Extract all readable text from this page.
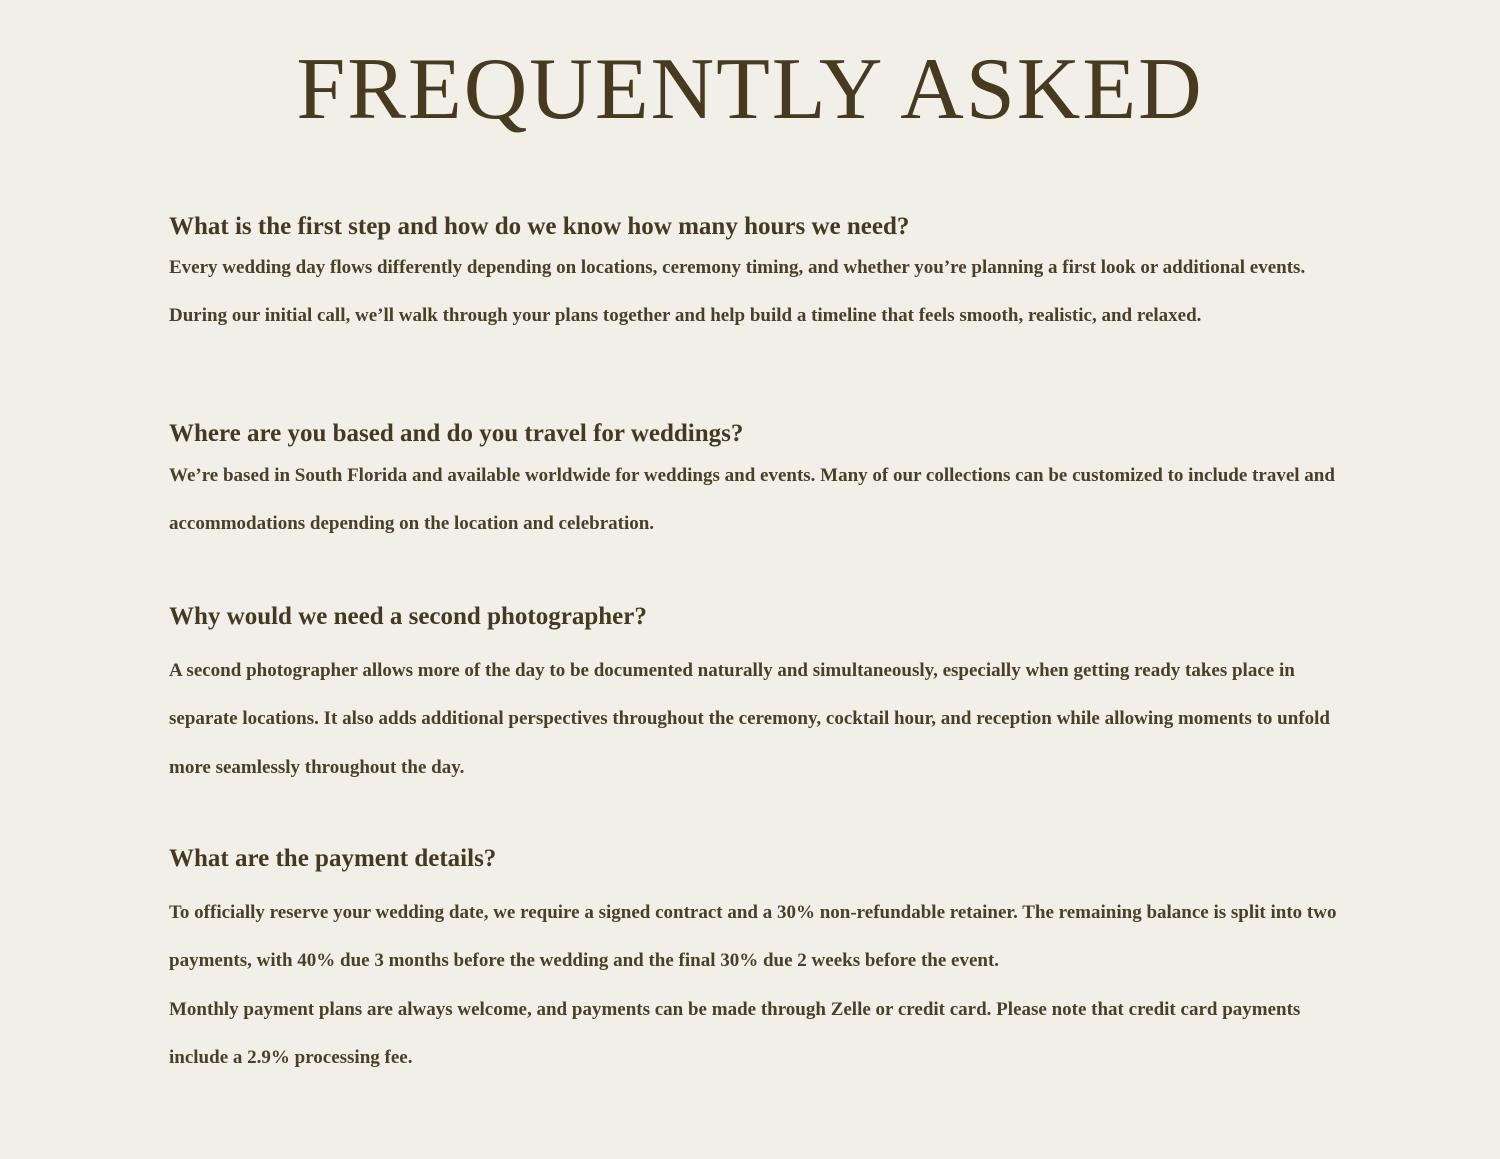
FREQUENTLY ASKED
What is the first step and how do we know how many hours we need?

Every wedding day flows differently depending on locations, ceremony timing, and whether you’re planning a first look or additional events. During our initial call, we’ll walk through your plans together and help build a timeline that feels smooth, realistic, and relaxed.

Where are you based and do you travel for weddings?

We’re based in South Florida and available worldwide for weddings and events. Many of our collections can be customized to include travel and accommodations depending on the location and celebration.

Why would we need a second photographer?

A second photographer allows more of the day to be documented naturally and simultaneously, especially when getting ready takes place in separate locations. It also adds additional perspectives throughout the ceremony, cocktail hour, and reception while allowing moments to unfold more seamlessly throughout the day.

What are the payment details?

To officially reserve your wedding date, we require a signed contract and a 30% non-refundable retainer. The remaining balance is split into two payments, with 40% due 3 months before the wedding and the final 30% due 2 weeks before the event.

Monthly payment plans are always welcome, and payments can be made through Zelle or credit card. Please note that credit card payments include a 2.9% processing fee.
